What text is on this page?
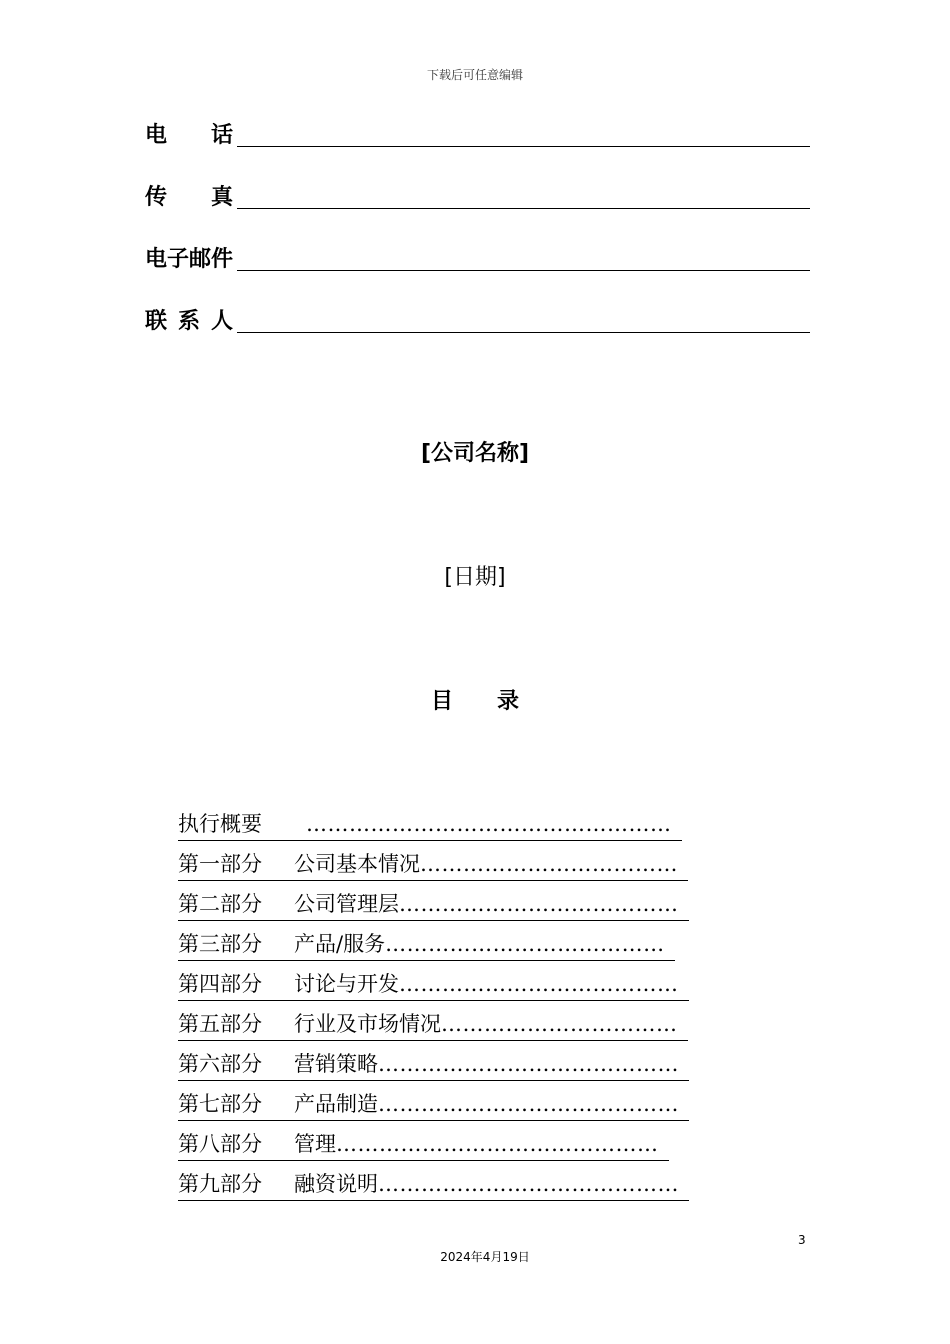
下载后可任意编辑
电　　话
传　　真
电子邮件
联 系 人
[公司名称]
[日期]
目 录
执行概要 ……………………………………………
第一部分 公司基本情况………………………………
第二部分 公司管理层…………………………………
第三部分 产品/服务…………………………………
第四部分 讨论与开发…………………………………
第五部分 行业及市场情况……………………………
第六部分 营销策略……………………………………
第七部分 产品制造……………………………………
第八部分 管理………………………………………
第九部分 融资说明……………………………………
3
2024年4月19日
